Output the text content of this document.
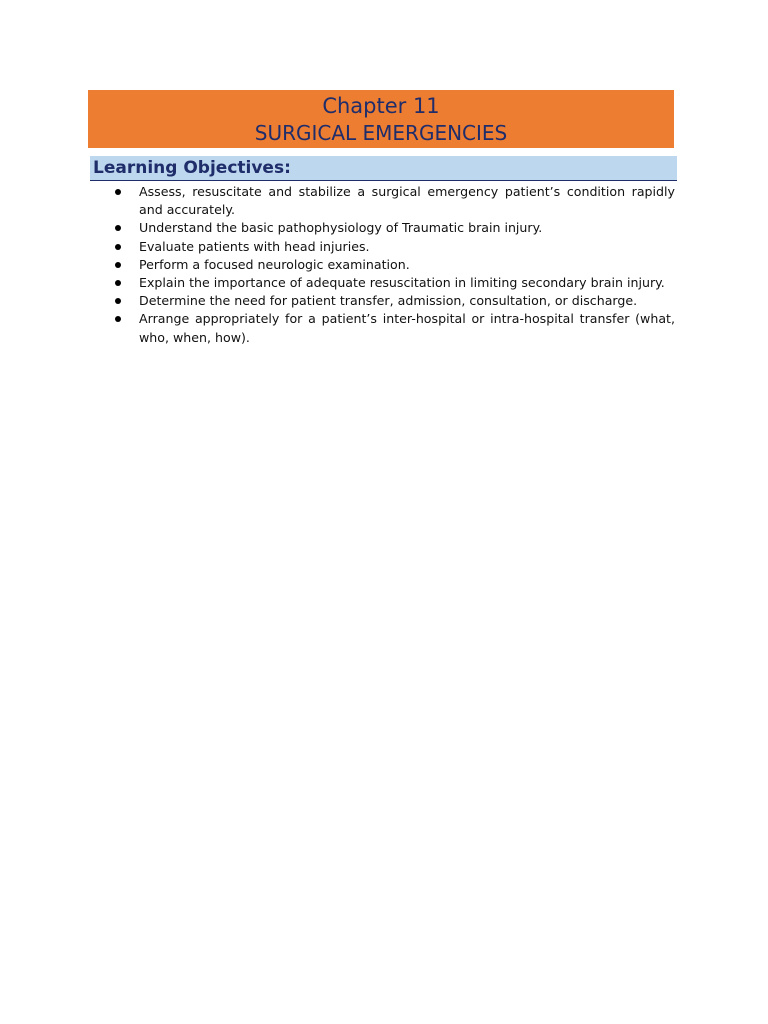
Chapter 11
SURGICAL EMERGENCIES
Learning Objectives:
Assess, resuscitate and stabilize a surgical emergency patient’s condition rapidly and accurately.
Understand the basic pathophysiology of Traumatic brain injury.
Evaluate patients with head injuries.
Perform a focused neurologic examination.
Explain the importance of adequate resuscitation in limiting secondary brain injury.
Determine the need for patient transfer, admission, consultation, or discharge.
Arrange appropriately for a patient’s inter-hospital or intra-hospital transfer (what, who, when, how).
